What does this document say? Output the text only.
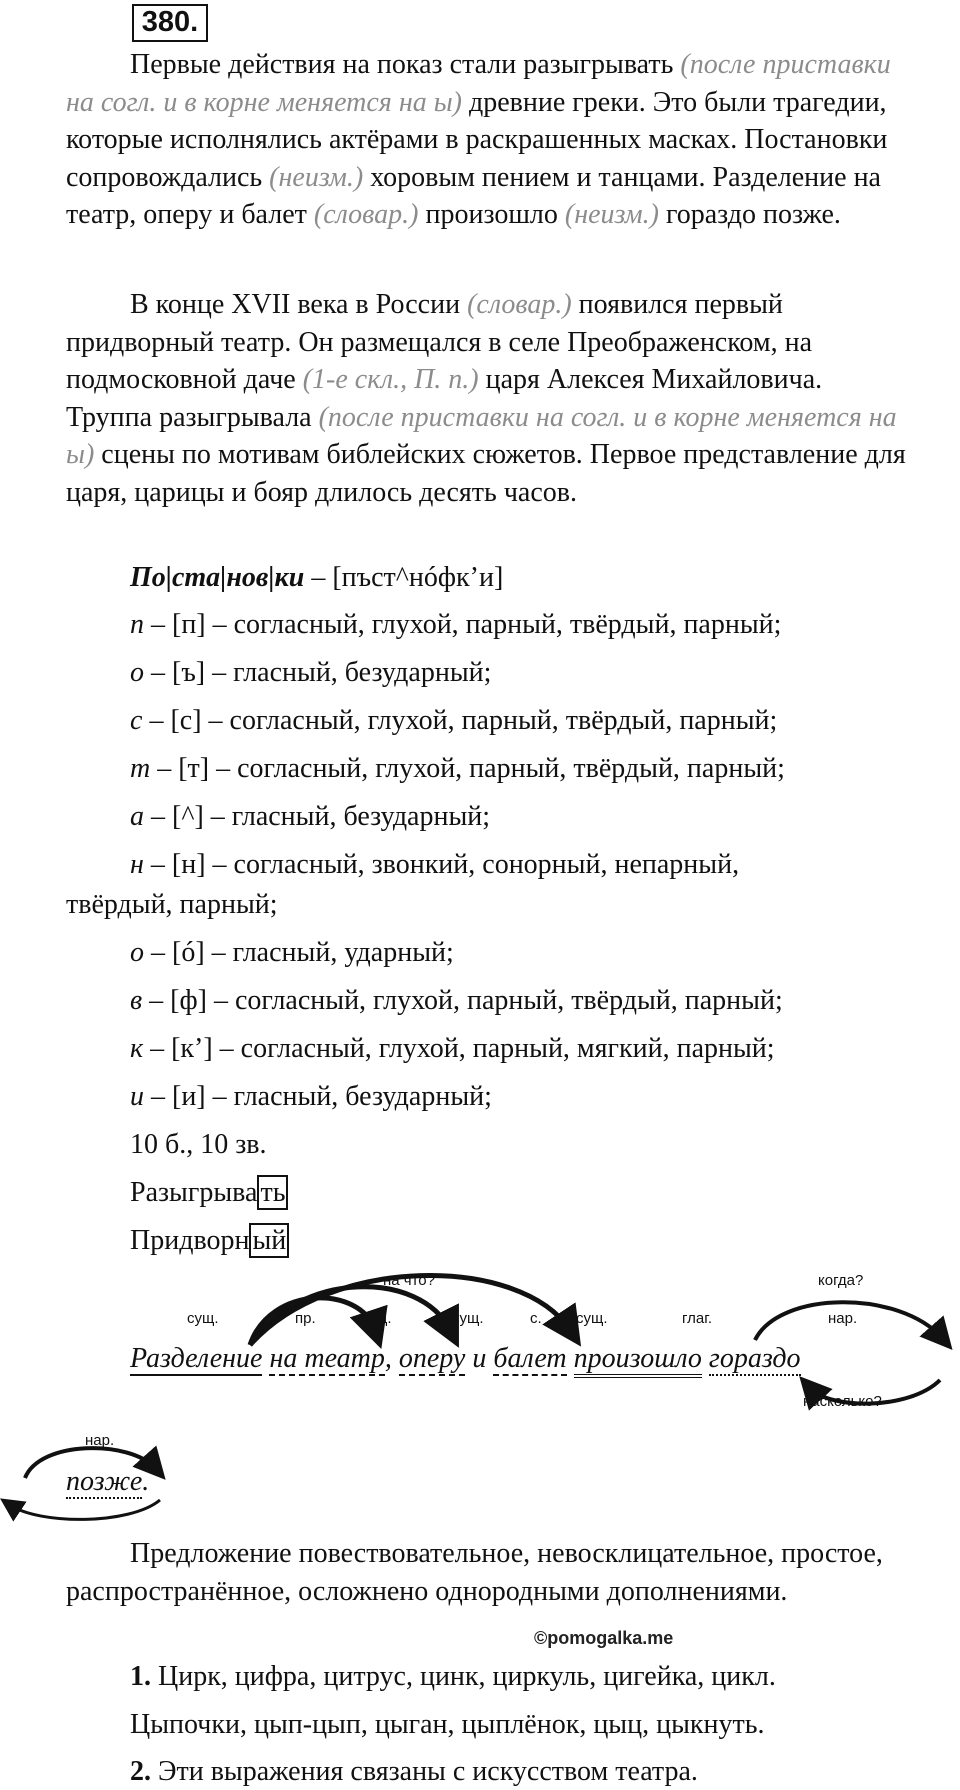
380.

Первые действия на показ стали разыгрывать (после приставки на согл. и в корне меняется на ы) древние греки. Это были трагедии, которые исполнялись актёрами в раскрашенных масках. Постановки сопровождались (неизм.) хоровым пением и танцами. Разделение на театр, оперу и балет (словар.) произошло (неизм.) гораздо позже.

В конце XVII века в России (словар.) появился первый придворный театр. Он размещался в селе Преображенском, на подмосковной даче (1-е скл., П. п.) царя Алексея Михайловича. Труппа разыгрывала (после приставки на согл. и в корне меняется на ы) сцены по мотивам библейских сюжетов. Первое представление для царя, царицы и бояр длилось десять часов.

По|ста|нов|ки – [пъст^нóфк’и]
п – [п] – согласный, глухой, парный, твёрдый, парный;
о – [ъ] – гласный, безударный;
с – [с] – согласный, глухой, парный, твёрдый, парный;
т – [т] – согласный, глухой, парный, твёрдый, парный;
а – [^] – гласный, безударный;
н – [н] – согласный, звонкий, сонорный, непарный,
твёрдый, парный;
о – [ó] – гласный, ударный;
в – [ф] – согласный, глухой, парный, твёрдый, парный;
к – [к’] – согласный, глухой, парный, мягкий, парный;
и – [и] – гласный, безударный;
10 б., 10 зв.
Разыгрыва ть
Придворн ый
сущ.	пр.	сущ.	сущ.	с. сущ.	глаг.	нар.
на что?	когда?
насколько?
нар.
Разделение на театр, оперу и балет произошло гораздо
позже.

Предложение повествовательное, невосклицательное, простое, распространённое, осложнено однородными дополнениями.

©pomogalka.me
1. Цирк, цифра, цитрус, цинк, циркуль, цигейка, цикл.
Цыпочки, цып-цып, цыган, цыплёнок, цыц, цыкнуть.
2. Эти выражения связаны с искусством театра.
